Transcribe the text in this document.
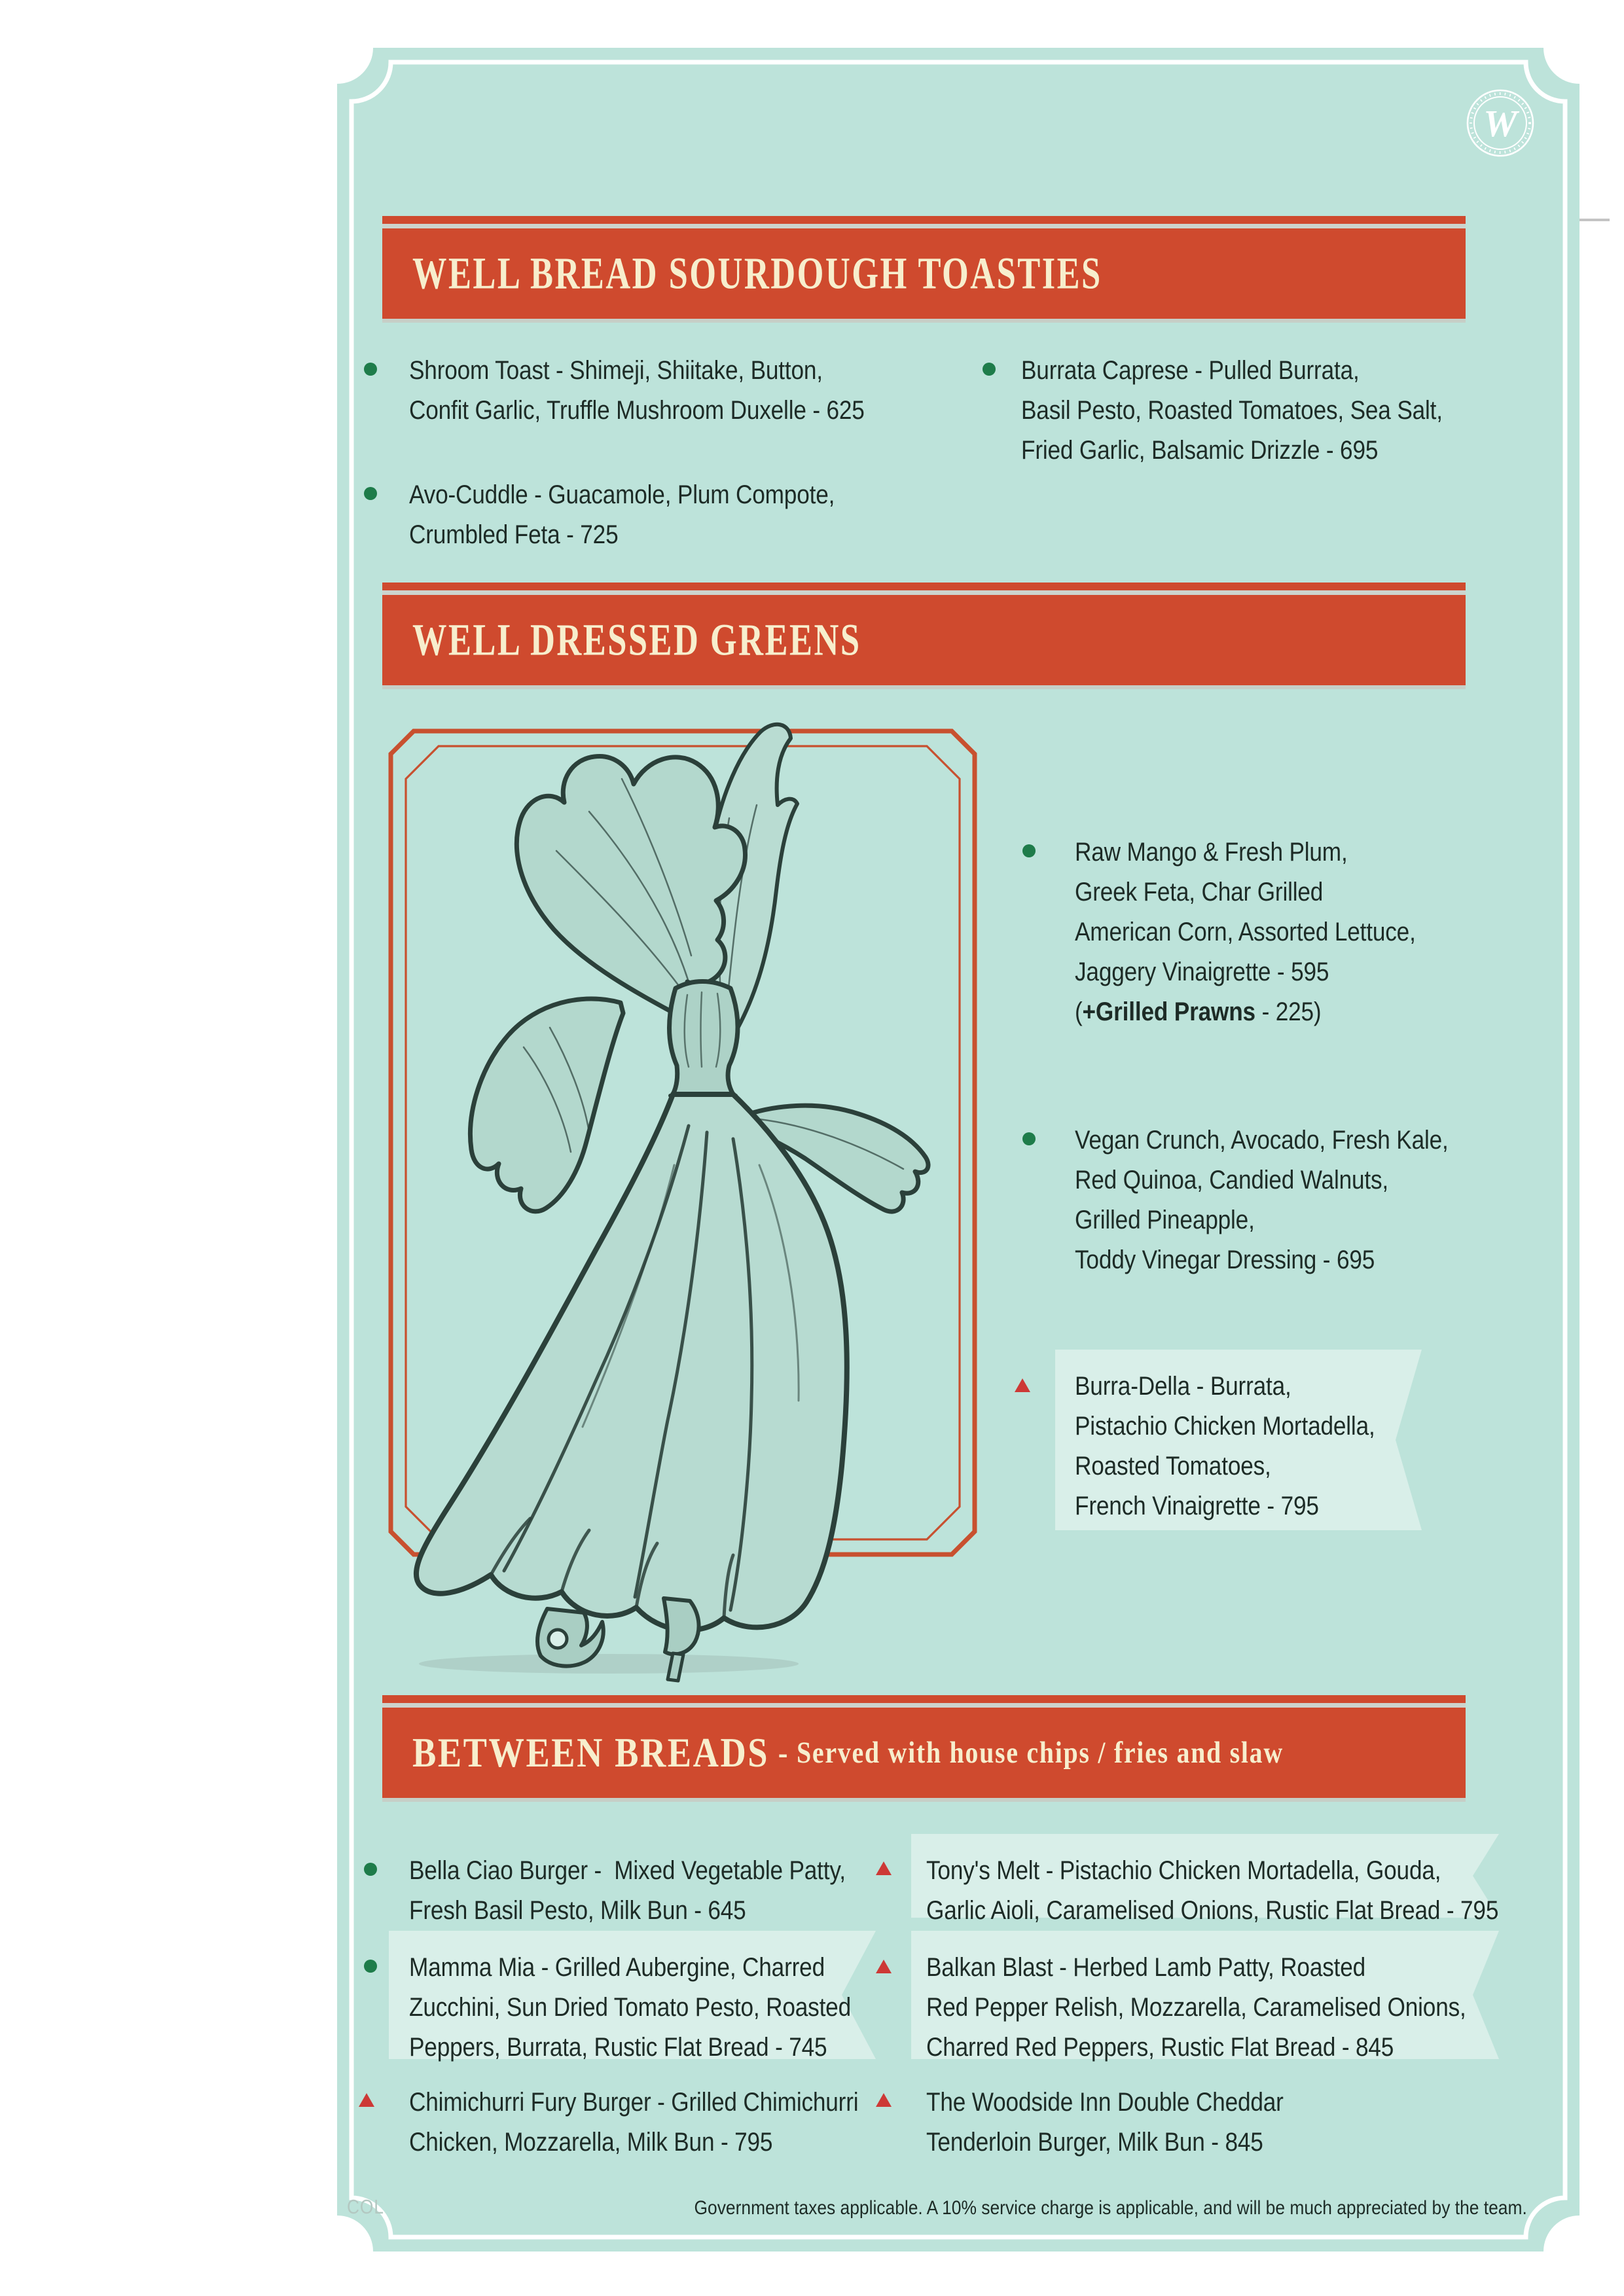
W
WELL BREAD SOURDOUGH TOASTIES
Shroom Toast - Shimeji, Shiitake, Button,
Confit Garlic, Truffle Mushroom Duxelle - 625
Burrata Caprese - Pulled Burrata,
Basil Pesto, Roasted Tomatoes, Sea Salt,
Fried Garlic, Balsamic Drizzle - 695
Avo-Cuddle - Guacamole, Plum Compote,
Crumbled Feta - 725
WELL DRESSED GREENS
Raw Mango & Fresh Plum,
Greek Feta, Char Grilled
American Corn, Assorted Lettuce,
Jaggery Vinaigrette - 595
(+Grilled Prawns - 225)
Vegan Crunch, Avocado, Fresh Kale,
Red Quinoa, Candied Walnuts,
Grilled Pineapple,
Toddy Vinegar Dressing - 695
Burra-Della - Burrata,
Pistachio Chicken Mortadella,
Roasted Tomatoes,
French Vinaigrette - 795
BETWEEN BREADS - Served with house chips / fries and slaw
Bella Ciao Burger -  Mixed Vegetable Patty,
Fresh Basil Pesto, Milk Bun - 645
Mamma Mia - Grilled Aubergine, Charred
Zucchini, Sun Dried Tomato Pesto, Roasted
Peppers, Burrata, Rustic Flat Bread - 745
Chimichurri Fury Burger - Grilled Chimichurri
Chicken, Mozzarella, Milk Bun - 795
Tony's Melt - Pistachio Chicken Mortadella, Gouda,
Garlic Aioli, Caramelised Onions, Rustic Flat Bread - 795
Balkan Blast - Herbed Lamb Patty, Roasted
Red Pepper Relish, Mozzarella, Caramelised Onions,
Charred Red Peppers, Rustic Flat Bread - 845
The Woodside Inn Double Cheddar
Tenderloin Burger, Milk Bun - 845
COL	Government taxes applicable. A 10% service charge is applicable, and will be much appreciated by the team.
